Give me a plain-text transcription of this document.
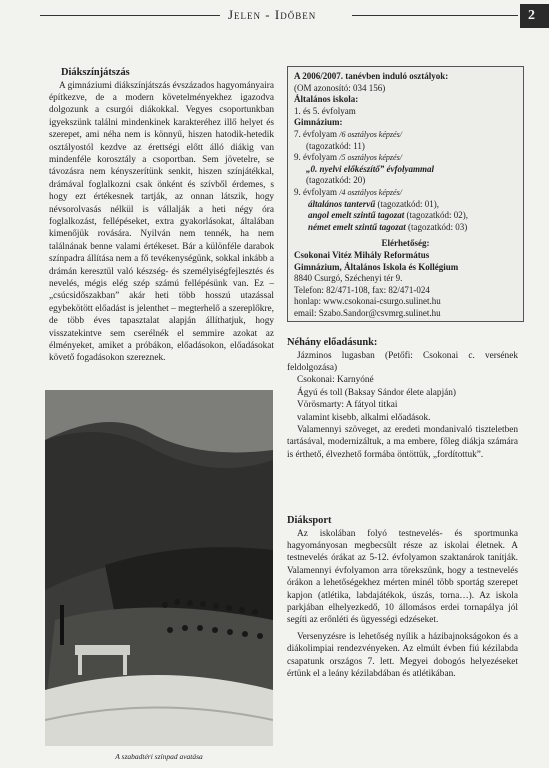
Jelen - Időben	2
Diákszínjátszás

A gimnáziumi diákszínjátszás évszázados hagyományaira építkezve, de a modern követelményekhez igazodva dolgozunk a csurgói diákokkal. Vegyes csoportunkban igyekszünk találni mindenkinek karakteréhez illő helyet és szerepet, ami néha nem is könnyű, hiszen hatodik-hetedik osztályostól kezdve az érettségi előtt álló diákig van mindenféle korosztály a csoportban. Sem jövetelre, se távozásra nem kényszerítünk senkit, hiszen színjátékkal, drámával foglalkozni csak önként és szívből érdemes, s hogy ezt értékesnek tartják, az onnan látszik, hogy névsorolvasás nélkül is vállalják a heti négy óra foglalkozást, fellépéseket, extra gyakorlásokat, általában kimenőjük rovására. Nyilván nem tennék, ha nem találnának benne valami értékeset. Bár a különféle darabok színpadra állítása nem a fő tevékenységünk, sokkal inkább a drámán keresztül való készség- és személyiségfejlesztés és nevelés, mégis elég szép számú fellépésünk van. Ez – „csúcsidőszakban” akár heti több hosszú utazással egybekötött előadást is jelenthet – megterhelő a szereplőkre, de több éves tapasztalat alapján állíthatjuk, hogy visszatekintve sem cserélnék el semmire azokat az élményeket, amiket a próbákon, előadásokon, előadásokat követő fogadásokon szereznek.

A szabadtéri színpad avatása
A 2006/2007. tanévben induló osztályok:
(OM azonosító: 034 156)
Általános iskola:
1. és 5. évfolyam
Gimnázium:
7. évfolyam /6 osztályos képzés/
(tagozatkód: 11)
9. évfolyam /5 osztályos képzés/
„0. nyelvi előkészítő” évfolyammal
(tagozatkód: 20)
9. évfolyam /4 osztályos képzés/
általános tantervű (tagozatkód: 01),
angol emelt szintű tagozat (tagozatkód: 02),
német emelt szintű tagozat (tagozatkód: 03)
Elérhetőség:
Csokonai Vitéz Mihály Református
Gimnázium, Általános Iskola és Kollégium
8840 Csurgó, Széchenyi tér 9.
Telefon: 82/471-108, fax: 82/471-024
honlap: www.csokonai-csurgo.sulinet.hu
email: Szabo.Sandor@csvmrg.sulinet.hu
Néhány előadásunk:

Jázminos lugasban (Petőfi: Csokonai c. versének feldolgozása)

Csokonai: Karnyóné

Ágyú és toll (Baksay Sándor élete alapján)

Vörösmarty: A fátyol titkai

valamint kisebb, alkalmi előadások.

Valamennyi szöveget, az eredeti mondanivaló tiszteletben tartásával, modernizáltuk, a ma embere, főleg diákja számára is érthető, élvezhető formába öntöttük, „fordítottuk”.

Diáksport

Az iskolában folyó testnevelés- és sportmunka hagyományosan megbecsült része az iskolai életnek. A testnevelés órákat az 5-12. évfolyamon szaktanárok tanítják. Valamennyi évfolyamon arra törekszünk, hogy a testnevelés órákon a lehetőségekhez mérten minél több sportág szerepet kapjon (atlétika, labdajátékok, úszás, torna…). Az iskola parkjában elhelyezkedő, 10 állomásos erdei tornapálya jól segíti az erőnléti és ügyességi edzéseket.

Versenyzésre is lehetőség nyílik a házibajnokságokon és a diákolimpiai rendezvényeken. Az elmúlt évben fiú kézilabda csapatunk országos 7. lett. Megyei dobogós helyezéseket értünk el a leány kézilabdában és atlétikában.
